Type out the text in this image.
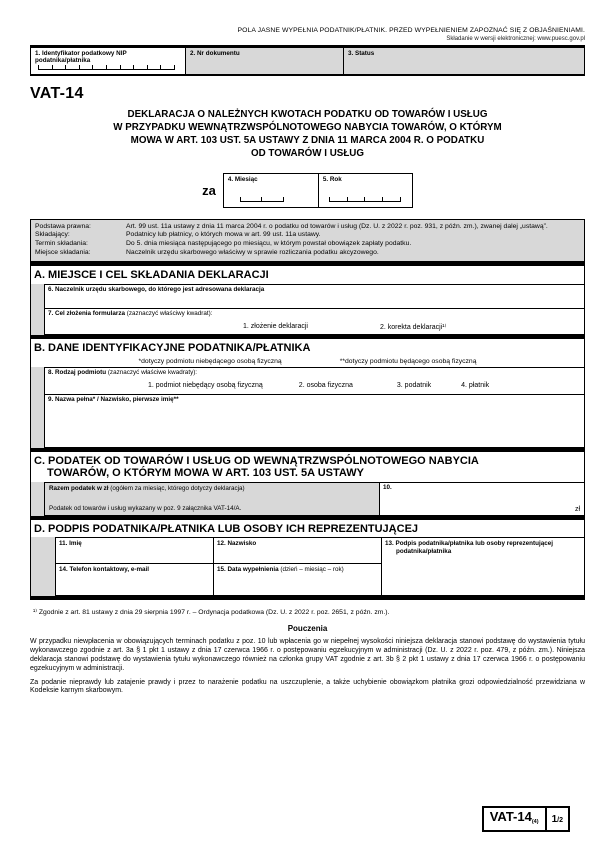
POLA JASNE WYPEŁNIA PODATNIK/PŁATNIK. PRZED WYPEŁNIENIEM ZAPOZNAĆ SIĘ Z OBJAŚNIENIAMI.
Składanie w wersji elektronicznej: www.puesc.gov.pl
1. Identyfikator podatkowy NIP podatnika/płatnika
2. Nr dokumentu	3. Status
VAT-14
DEKLARACJA O NALEŻNYCH KWOTACH PODATKU OD TOWARÓW I USŁUG
W PRZYPADKU WEWNĄTRZWSPÓLNOTOWEGO NABYCIA TOWARÓW, O KTÓRYM
MOWA W ART. 103 UST. 5A USTAWY Z DNIA 11 MARCA 2004 R. O PODATKU
OD TOWARÓW I USŁUG
za
4. Miesiąc	5. Rok
Podstawa prawna:	Art. 99 ust. 11a ustawy z dnia 11 marca 2004 r. o podatku od towarów i usług (Dz. U. z 2022 r. poz. 931, z późn. zm.), zwanej dalej „ustawą”.
Składający:	Podatnicy lub płatnicy, o których mowa w art. 99 ust. 11a ustawy.
Termin składania:	Do 5. dnia miesiąca następującego po miesiącu, w którym powstał obowiązek zapłaty podatku.
Miejsce składania:	Naczelnik urzędu skarbowego właściwy w sprawie rozliczania podatku akcyzowego.
A. MIEJSCE I CEL SKŁADANIA DEKLARACJI
6. Naczelnik urzędu skarbowego, do którego jest adresowana deklaracja
7. Cel złożenia formularza (zaznaczyć właściwy kwadrat):
1. złożenie deklaracji	2. korekta deklaracji¹⁾
B. DANE IDENTYFIKACYJNE PODATNIKA/PŁATNIKA
*dotyczy podmiotu niebędącego osobą fizyczną	**dotyczy podmiotu będącego osobą fizyczną
8. Rodzaj podmiotu (zaznaczyć właściwe kwadraty):
1. podmiot niebędący osobą fizyczną	2. osoba fizyczna	3. podatnik	4. płatnik
9. Nazwa pełna* / Nazwisko, pierwsze imię**
C. PODATEK OD TOWARÓW I USŁUG OD WEWNĄTRZWSPÓLNOTOWEGO NABYCIA
TOWARÓW, O KTÓRYM MOWA W ART. 103 UST. 5A USTAWY
Razem podatek w zł (ogółem za miesiąc, którego dotyczy deklaracja)
Podatek od towarów i usług wykazany w poz. 9 załącznika VAT-14/A.
10.
zł
D. PODPIS PODATNIKA/PŁATNIKA LUB OSOBY ICH REPREZENTUJĄCEJ
11. Imię	12. Nazwisko	13. Podpis podatnika/płatnika lub osoby reprezentującej podatnika/płatnika
14. Telefon kontaktowy, e-mail	15. Data wypełnienia (dzień – miesiąc – rok)
¹⁾ Zgodnie z art. 81 ustawy z dnia 29 sierpnia 1997 r. – Ordynacja podatkowa (Dz. U. z 2022 r. poz. 2651, z późn. zm.).
Pouczenia

W przypadku niewpłacenia w obowiązujących terminach podatku z poz. 10 lub wpłacenia go w niepełnej wysokości niniejsza deklaracja stanowi podstawę do wystawienia tytułu wykonawczego zgodnie z art. 3a § 1 pkt 1 ustawy z dnia 17 czerwca 1966 r. o postępowaniu egzekucyjnym w administracji (Dz. U. z 2022 r. poz. 479, z późn. zm.). Niniejsza deklaracja stanowi podstawę do wystawienia tytułu wykonawczego również na członka grupy VAT zgodnie z art. 3b § 2 pkt 1 ustawy z dnia 17 czerwca 1966 r. o postępowaniu egzekucyjnym w administracji.

Za podanie nieprawdy lub zatajenie prawdy i przez to narażenie podatku na uszczuplenie, a także uchybienie obowiązkom płatnika grozi odpowiedzialność przewidziana w Kodeksie karnym skarbowym.

VAT-14(4)	1 /2
